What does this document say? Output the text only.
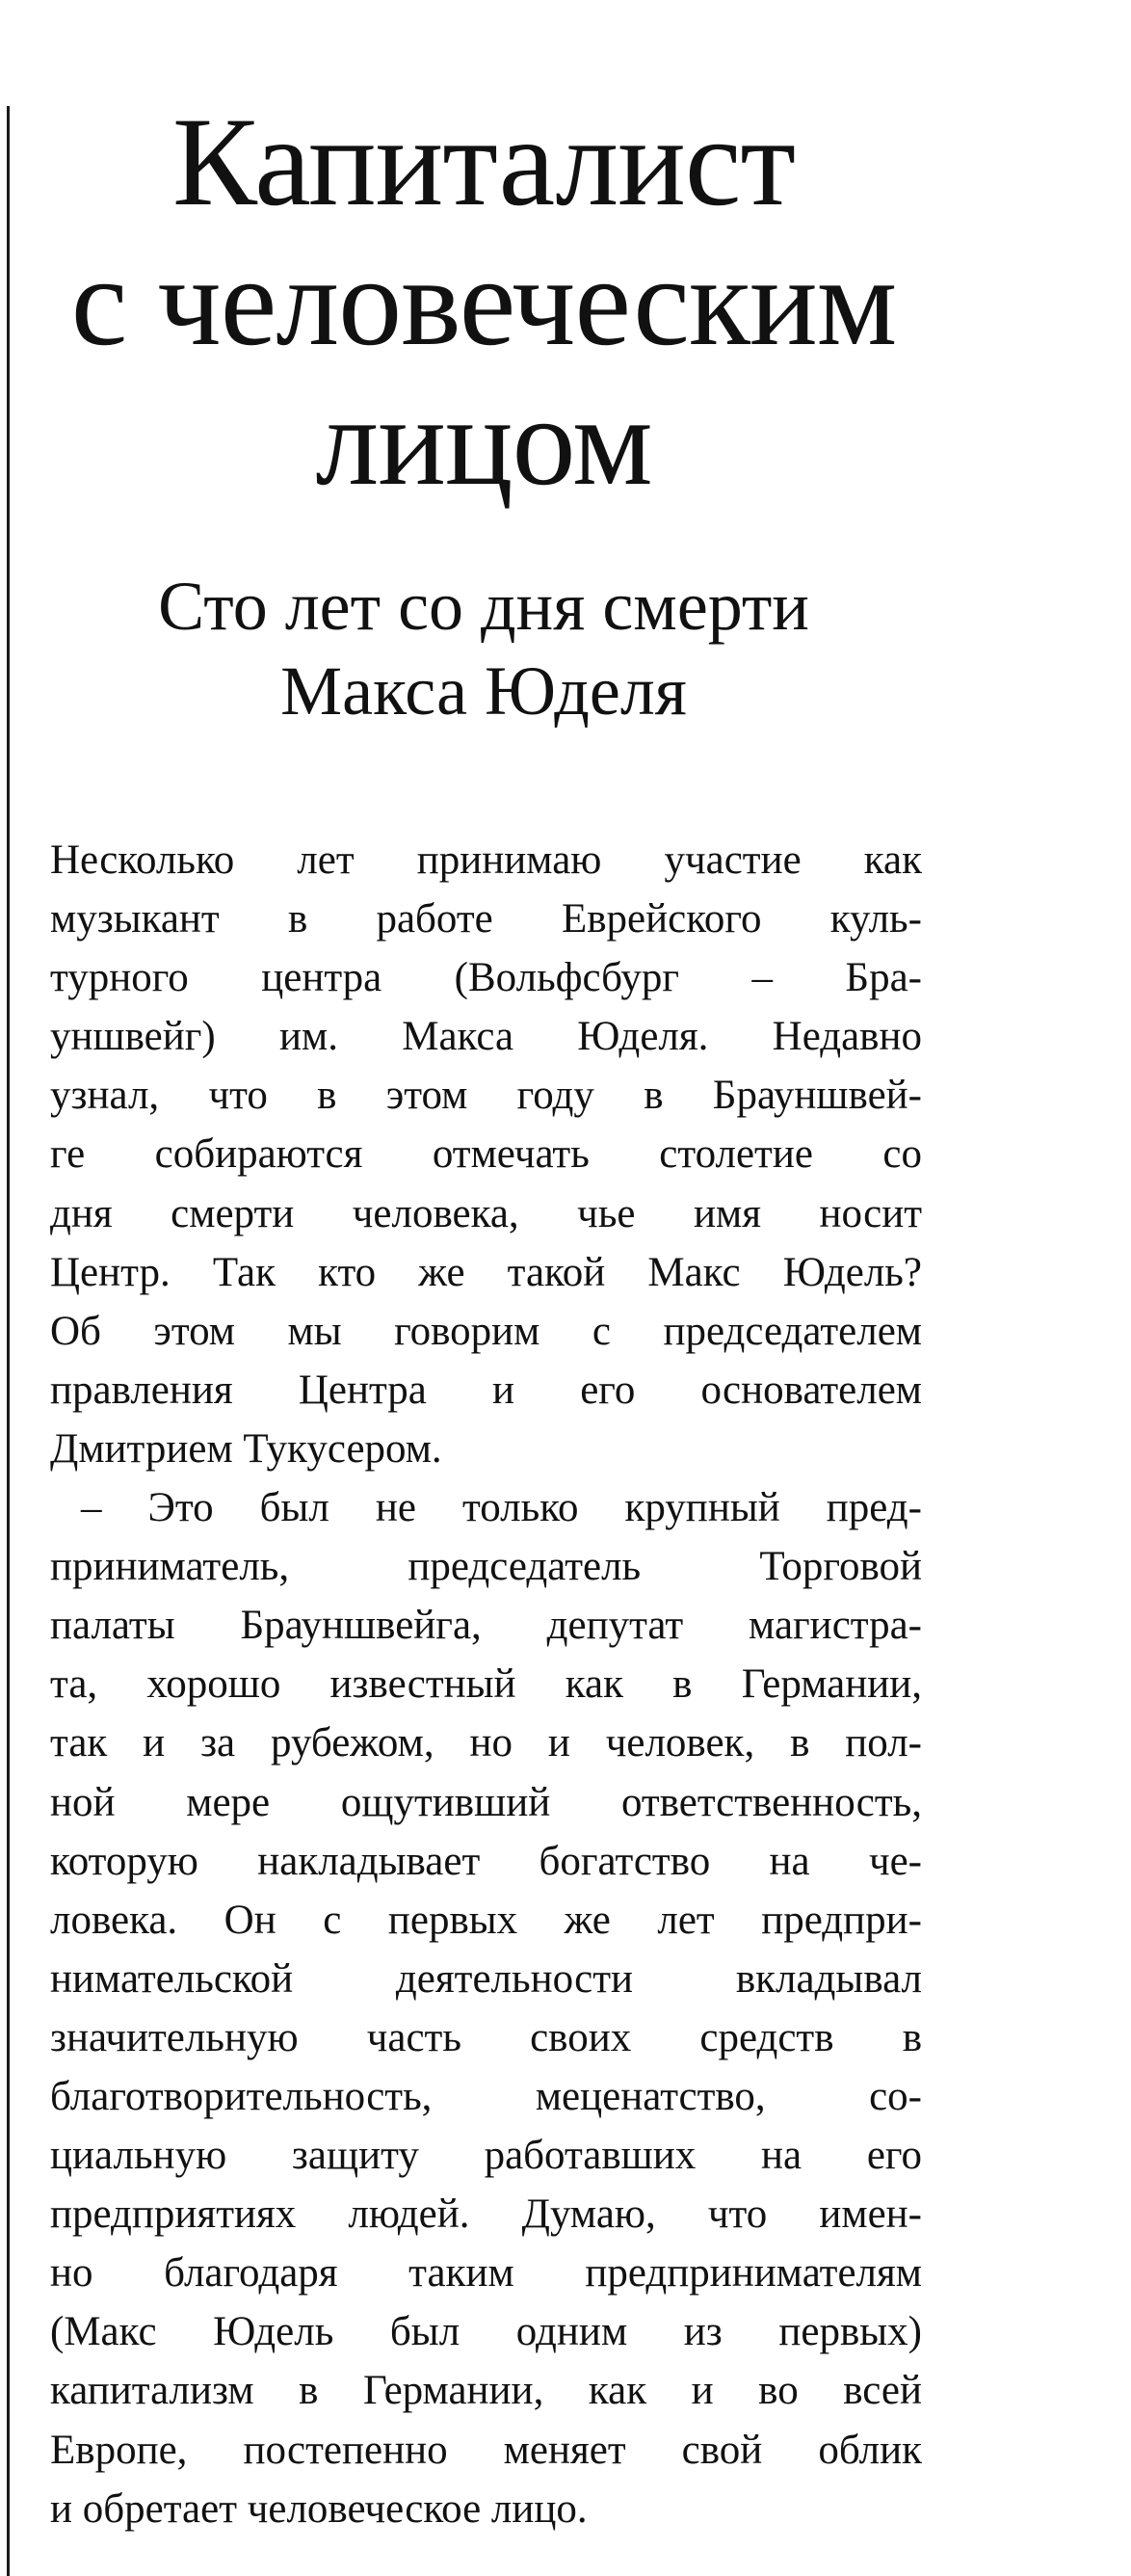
Капиталист
с человеческим
лицом
Сто лет со дня смерти
Макса Юделя
Несколько лет принимаю участие как
музыкант в работе Еврейского куль-
турного центра (Вольфсбург – Бра-
уншвейг) им. Макса Юделя. Недавно
узнал, что в этом году в Брауншвей-
ге собираются отмечать столетие со
дня смерти человека, чье имя носит
Центр. Так кто же такой Макс Юдель?
Об этом мы говорим с председателем
правления Центра и его основателем
Дмитрием Тукусером.
– Это был не только крупный пред-
приниматель, председатель Торговой
палаты Брауншвейга, депутат магистра-
та, хорошо известный как в Германии,
так и за рубежом, но и человек, в пол-
ной мере ощутивший ответственность,
которую накладывает богатство на че-
ловека. Он с первых же лет предпри-
нимательской деятельности вкладывал
значительную часть своих средств в
благотворительность, меценатство, со-
циальную защиту работавших на его
предприятиях людей. Думаю, что имен-
но благодаря таким предпринимателям
(Макс Юдель был одним из первых)
капитализм в Германии, как и во всей
Европе, постепенно меняет свой облик
и обретает человеческое лицо.
